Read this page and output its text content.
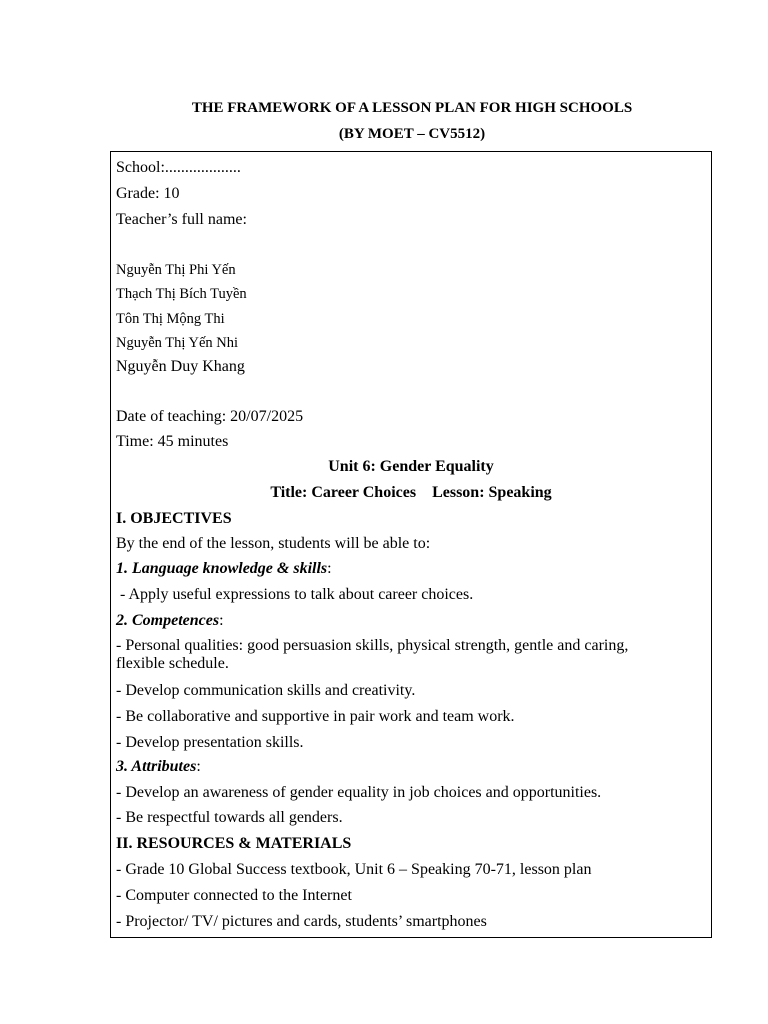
THE FRAMEWORK OF A LESSON PLAN FOR HIGH SCHOOLS
(BY MOET – CV5512)
School:...................
Grade: 10
Teacher’s full name:
Nguyễn Thị Phi Yến
Thạch Thị Bích Tuyền
Tôn Thị Mộng Thi
Nguyễn Thị Yến Nhi
Nguyễn Duy Khang
Date of teaching: 20/07/2025
Time: 45 minutes
Unit 6: Gender Equality
Title: Career Choices    Lesson: Speaking
I. OBJECTIVES
By the end of the lesson, students will be able to:
1. Language knowledge & skills:
- Apply useful expressions to talk about career choices.
2. Competences:
- Personal qualities: good persuasion skills, physical strength, gentle and caring, flexible schedule.
- Develop communication skills and creativity.
- Be collaborative and supportive in pair work and team work.
- Develop presentation skills.
3. Attributes:
- Develop an awareness of gender equality in job choices and opportunities.
- Be respectful towards all genders.
II. RESOURCES & MATERIALS
- Grade 10 Global Success textbook, Unit 6 – Speaking 70-71, lesson plan
- Computer connected to the Internet
- Projector/ TV/ pictures and cards, students’ smartphones
